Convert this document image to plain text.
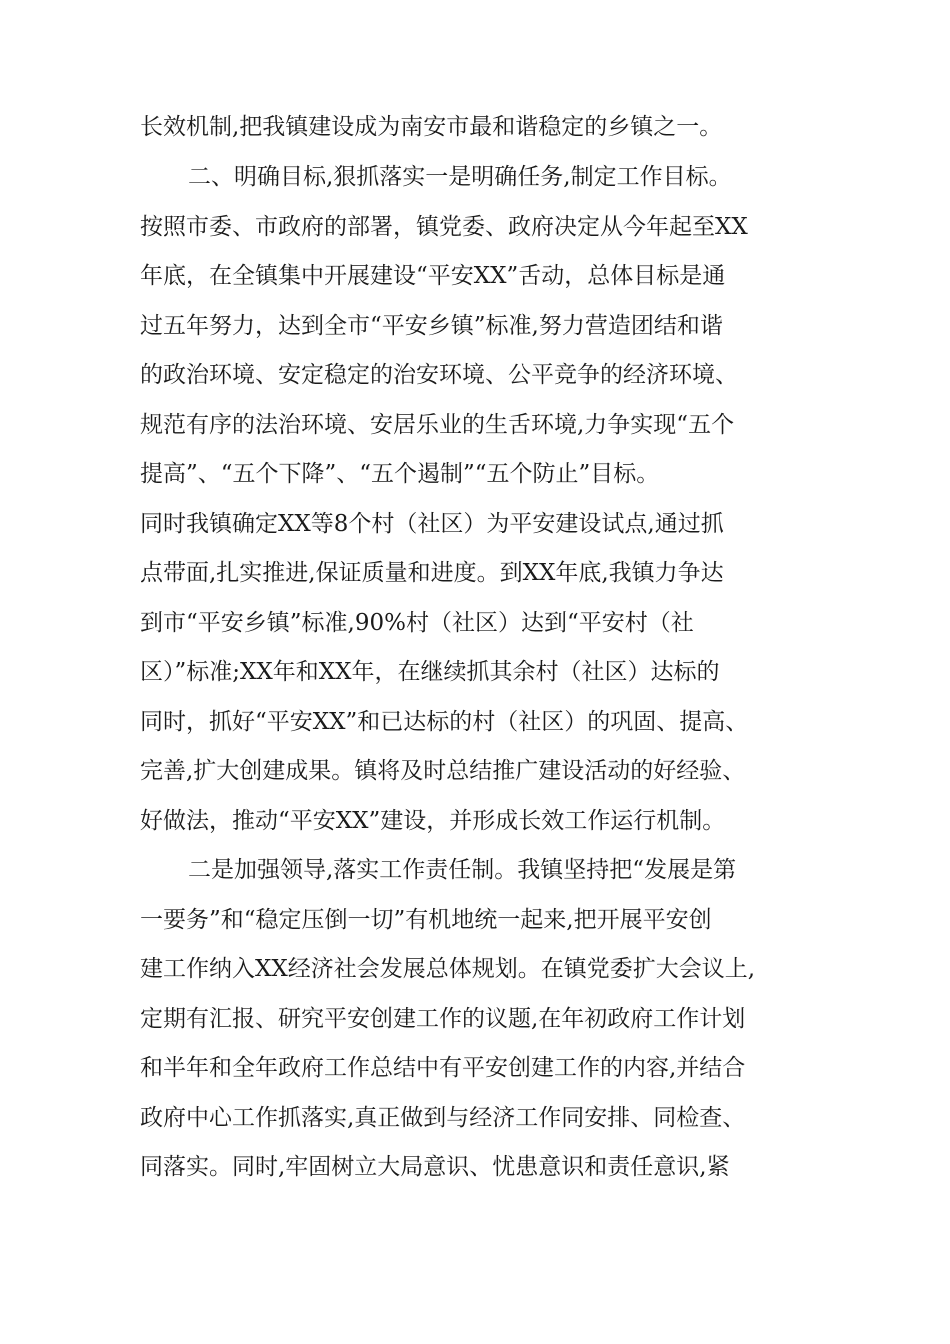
长效机制,把我镇建设成为南安市最和谐稳定的乡镇之一。
二、明确目标,狠抓落实一是明确任务,制定工作目标。
按照市委、市政府的部署，镇党委、政府决定从今年起至XX
年底，在全镇集中开展建设“平安XX”舌动，总体目标是通
过五年努力，达到全市“平安乡镇”标准,努力营造团结和谐
的政治环境、安定稳定的治安环境、公平竞争的经济环境、
规范有序的法治环境、安居乐业的生舌环境,力争实现“五个
提高”、“五个下降”、“五个遏制”“五个防止”目标。
同时我镇确定XX等8个村（社区）为平安建设试点,通过抓
点带面,扎实推进,保证质量和进度。到XX年底,我镇力争达
到市“平安乡镇”标准,90%村（社区）达到“平安村（社
区）”标准;XX年和XX年，在继续抓其余村（社区）达标的
同时，抓好“平安XX”和已达标的村（社区）的巩固、提高、
完善,扩大创建成果。镇将及时总结推广建设活动的好经验、
好做法，推动“平安XX”建设，并形成长效工作运行机制。
二是加强领导,落实工作责任制。我镇坚持把“发展是第
一要务”和“稳定压倒一切”有机地统一起来,把开展平安创
建工作纳入XX经济社会发展总体规划。在镇党委扩大会议上,
定期有汇报、研究平安创建工作的议题,在年初政府工作计划
和半年和全年政府工作总结中有平安创建工作的内容,并结合
政府中心工作抓落实,真正做到与经济工作同安排、同检查、
同落实。同时,牢固树立大局意识、忧患意识和责任意识,紧
